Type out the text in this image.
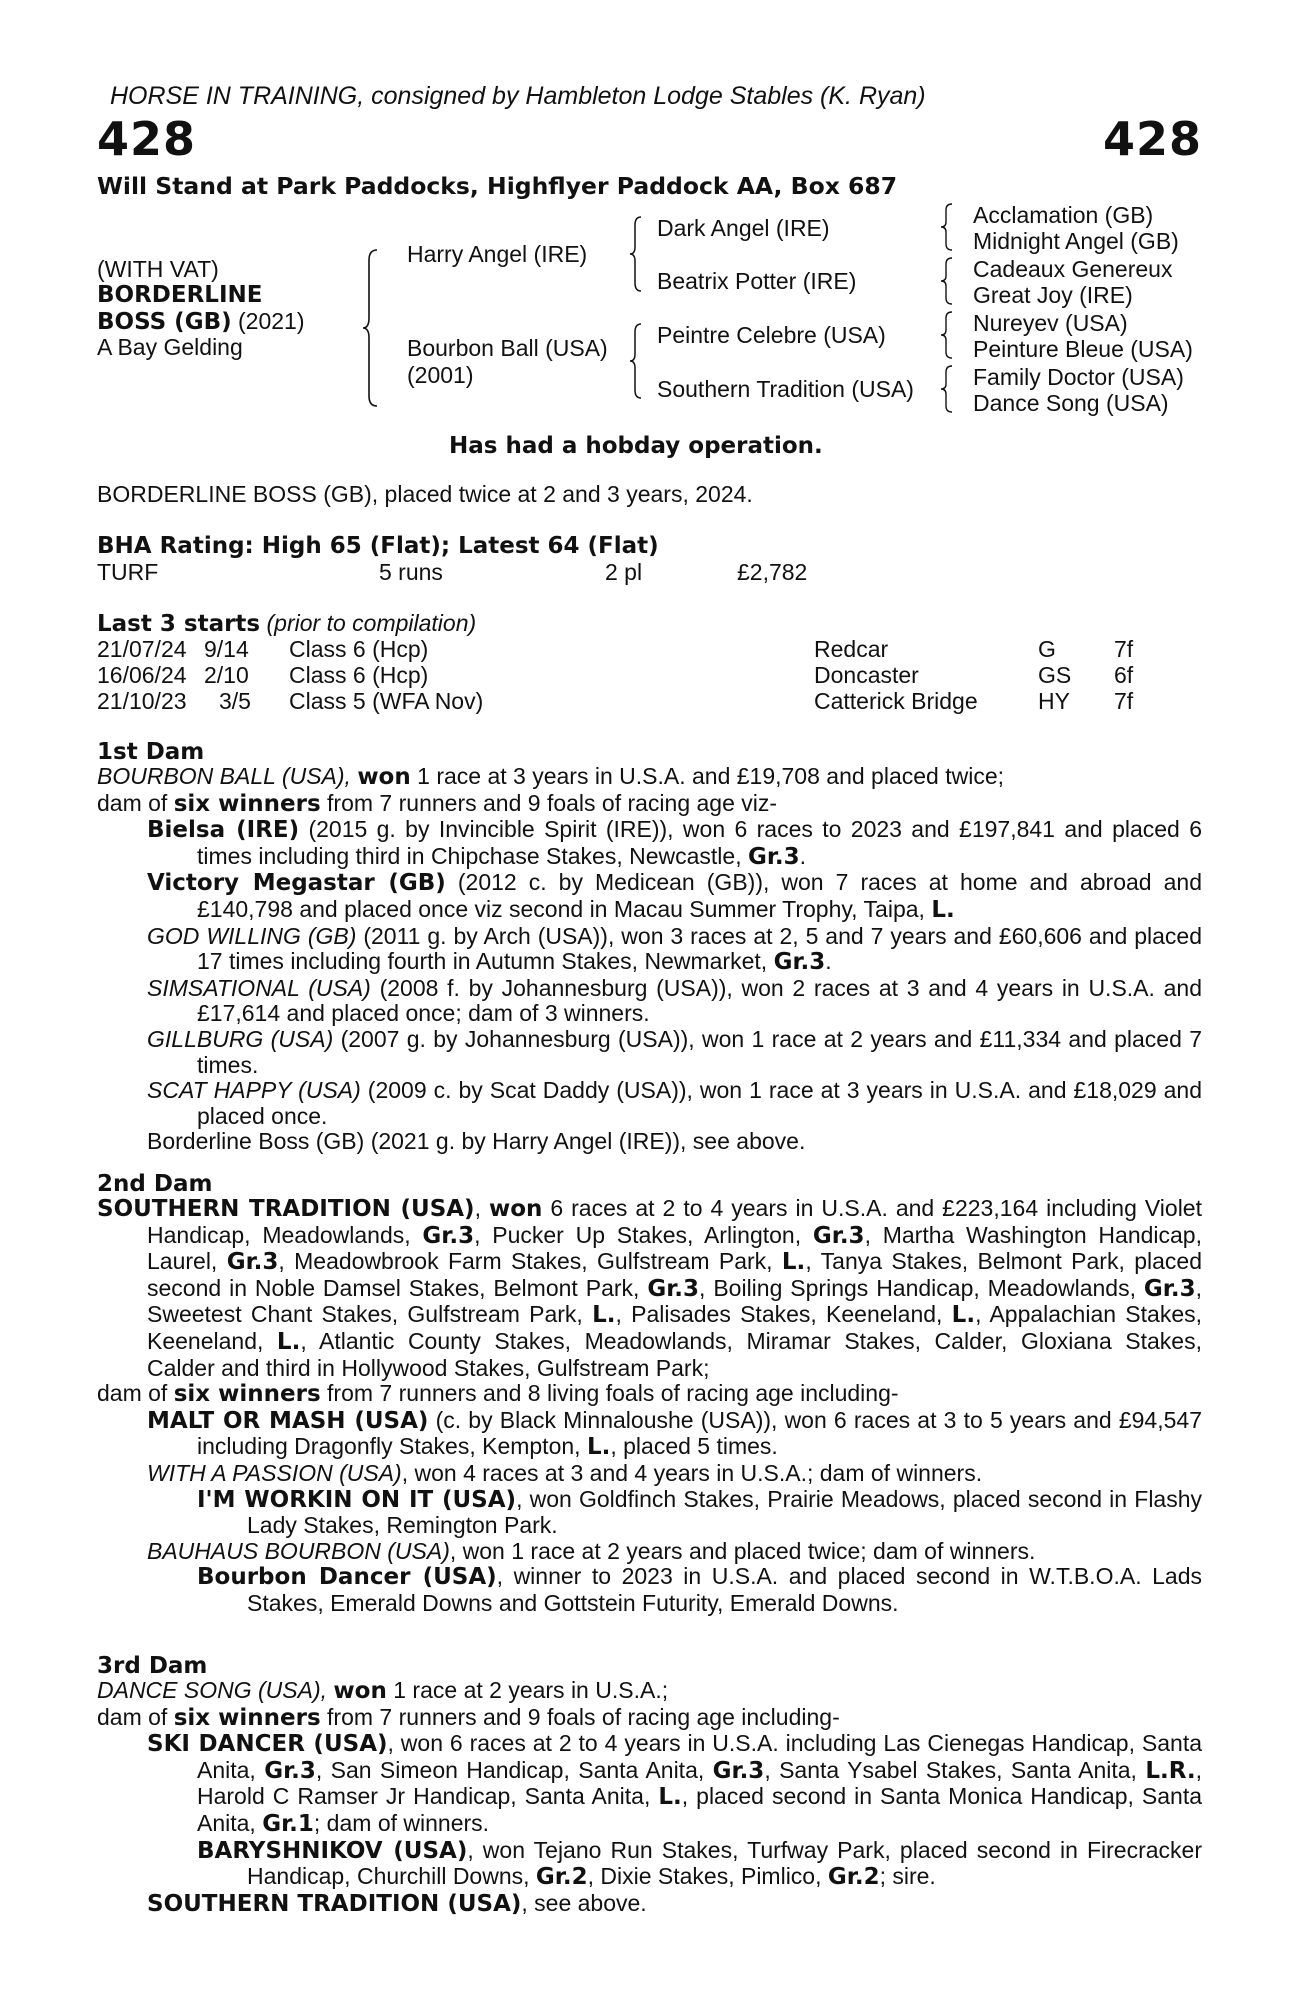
HORSE IN TRAINING, consigned by Hambleton Lodge Stables (K. Ryan)
428	428
Will Stand at Park Paddocks, Highflyer Paddock AA, Box 687
(WITH VAT)
BORDERLINE
BOSS (GB) (2021)
A Bay Gelding
Harry Angel (IRE)
Bourbon Ball (USA)
(2001)
Dark Angel (IRE)
Beatrix Potter (IRE)
Peintre Celebre (USA)
Southern Tradition (USA)
Acclamation (GB)
Midnight Angel (GB)
Cadeaux Genereux
Great Joy (IRE)
Nureyev (USA)
Peinture Bleue (USA)
Family Doctor (USA)
Dance Song (USA)
Has had a hobday operation.
BORDERLINE BOSS (GB), placed twice at 2 and 3 years, 2024.
BHA Rating: High 65 (Flat); Latest 64 (Flat)
TURF	5 runs	2 pl	£2,782
Last 3 starts (prior to compilation)
21/07/24 9/14 Class 6 (Hcp)	Redcar	G	7f
16/06/24 2/10 Class 6 (Hcp)	Doncaster	GS 6f
21/10/23 3/5 Class 5 (WFA Nov)	Catterick Bridge	HY 7f
1st Dam

BOURBON BALL (USA), won 1 race at 3 years in U.S.A. and £19,708 and placed twice;

dam of six winners from 7 runners and 9 foals of racing age viz-

Bielsa (IRE) (2015 g. by Invincible Spirit (IRE)), won 6 races to 2023 and £197,841 and placed 6 times including third in Chipchase Stakes, Newcastle, Gr.3.

Victory Megastar (GB) (2012 c. by Medicean (GB)), won 7 races at home and abroad and £140,798 and placed once viz second in Macau Summer Trophy, Taipa, L.

GOD WILLING (GB) (2011 g. by Arch (USA)), won 3 races at 2, 5 and 7 years and £60,606 and placed 17 times including fourth in Autumn Stakes, Newmarket, Gr.3.

SIMSATIONAL (USA) (2008 f. by Johannesburg (USA)), won 2 races at 3 and 4 years in U.S.A. and £17,614 and placed once; dam of 3 winners.

GILLBURG (USA) (2007 g. by Johannesburg (USA)), won 1 race at 2 years and £11,334 and placed 7 times.

SCAT HAPPY (USA) (2009 c. by Scat Daddy (USA)), won 1 race at 3 years in U.S.A. and £18,029 and placed once.

Borderline Boss (GB) (2021 g. by Harry Angel (IRE)), see above.

2nd Dam

SOUTHERN TRADITION (USA), won 6 races at 2 to 4 years in U.S.A. and £223,164 including Violet Handicap, Meadowlands, Gr.3, Pucker Up Stakes, Arlington, Gr.3, Martha Washington Handicap, Laurel, Gr.3, Meadowbrook Farm Stakes, Gulfstream Park, L., Tanya Stakes, Belmont Park, placed second in Noble Damsel Stakes, Belmont Park, Gr.3, Boiling Springs Handicap, Meadowlands, Gr.3, Sweetest Chant Stakes, Gulfstream Park, L., Palisades Stakes, Keeneland, L., Appalachian Stakes, Keeneland, L., Atlantic County Stakes, Meadowlands, Miramar Stakes, Calder, Gloxiana Stakes, Calder and third in Hollywood Stakes, Gulfstream Park;

dam of six winners from 7 runners and 8 living foals of racing age including-

MALT OR MASH (USA) (c. by Black Minnaloushe (USA)), won 6 races at 3 to 5 years and £94,547 including Dragonfly Stakes, Kempton, L., placed 5 times.

WITH A PASSION (USA), won 4 races at 3 and 4 years in U.S.A.; dam of winners.

I'M WORKIN ON IT (USA), won Goldfinch Stakes, Prairie Meadows, placed second in Flashy Lady Stakes, Remington Park.

BAUHAUS BOURBON (USA), won 1 race at 2 years and placed twice; dam of winners.

Bourbon Dancer (USA), winner to 2023 in U.S.A. and placed second in W.T.B.O.A. Lads Stakes, Emerald Downs and Gottstein Futurity, Emerald Downs.

3rd Dam

DANCE SONG (USA), won 1 race at 2 years in U.S.A.;

dam of six winners from 7 runners and 9 foals of racing age including-

SKI DANCER (USA), won 6 races at 2 to 4 years in U.S.A. including Las Cienegas Handicap, Santa Anita, Gr.3, San Simeon Handicap, Santa Anita, Gr.3, Santa Ysabel Stakes, Santa Anita, L.R., Harold C Ramser Jr Handicap, Santa Anita, L., placed second in Santa Monica Handicap, Santa Anita, Gr.1; dam of winners.

BARYSHNIKOV (USA), won Tejano Run Stakes, Turfway Park, placed second in Firecracker Handicap, Churchill Downs, Gr.2, Dixie Stakes, Pimlico, Gr.2; sire.

SOUTHERN TRADITION (USA), see above.
